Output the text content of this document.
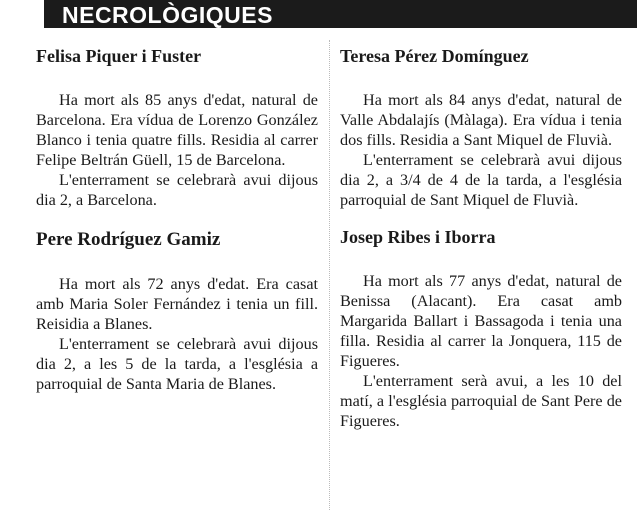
NECROLÒGIQUES
Felisa Piquer i Fuster

Ha mort als 85 anys d'edat, natural de Barcelona. Era vídua de Lorenzo González Blanco i tenia quatre fills. Residia al carrer Felipe Beltrán Güell, 15 de Barcelona.

L'enterrament se celebrarà avui dijous dia 2, a Barcelona.

Pere Rodríguez Gamiz

Ha mort als 72 anys d'edat. Era casat amb Maria Soler Fernández i tenia un fill. Reisidia a Blanes.

L'enterrament se celebrarà avui dijous dia 2, a les 5 de la tarda, a l'església a parroquial de Santa Maria de Blanes.

Teresa Pérez Domínguez

Ha mort als 84 anys d'edat, natural de Valle Abdalajís (Màlaga). Era vídua i tenia dos fills. Residia a Sant Miquel de Fluvià.

L'enterrament se celebrarà avui dijous dia 2, a 3/4 de 4 de la tarda, a l'església parroquial de Sant Miquel de Fluvià.

Josep Ribes i Iborra

Ha mort als 77 anys d'edat, natural de Benissa (Alacant). Era casat amb Margarida Ballart i Bassagoda i tenia una filla. Residia al carrer la Jonquera, 115 de Figueres.

L'enterrament serà avui, a les 10 del matí, a l'església parroquial de Sant Pere de Figueres.
